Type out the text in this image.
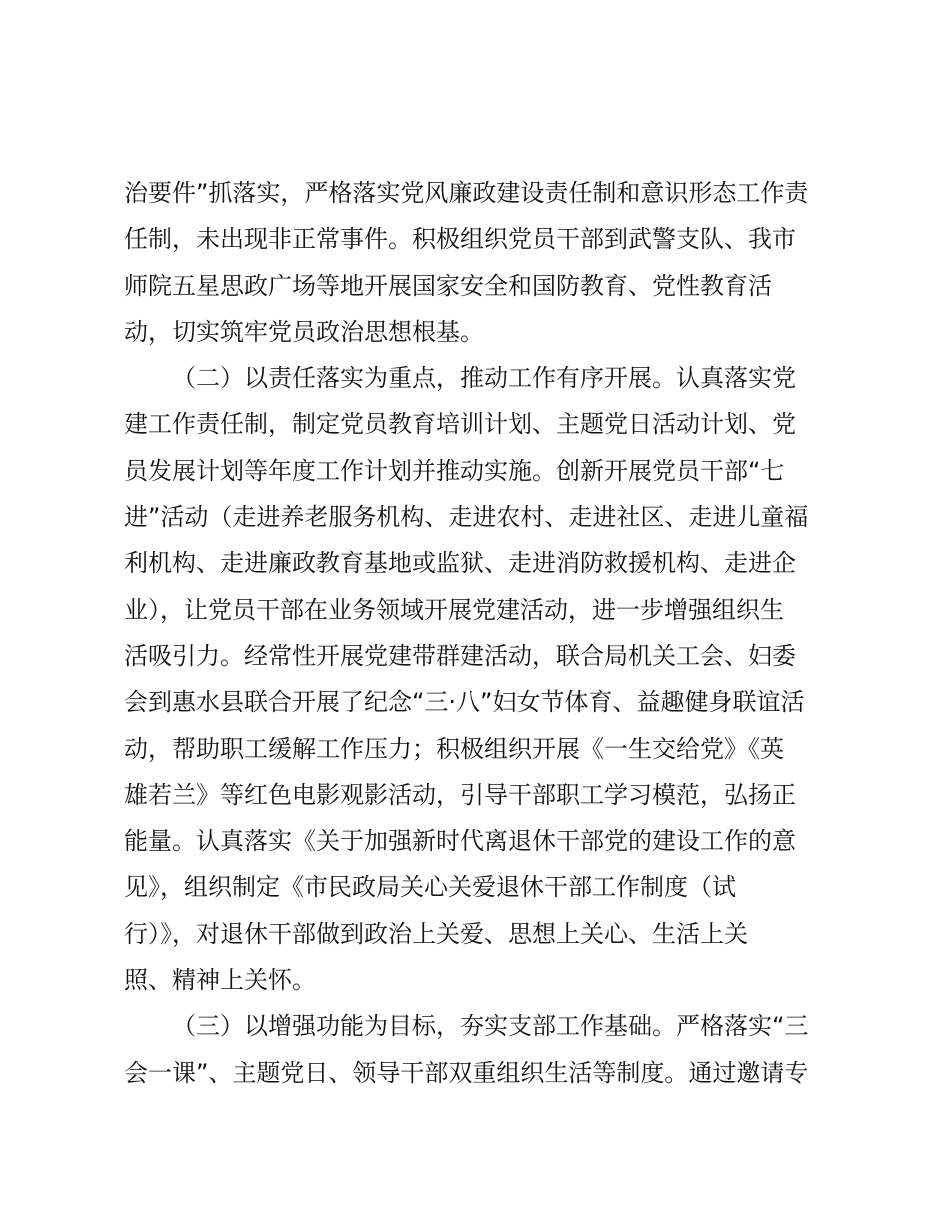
治要件”抓落实，严格落实党风廉政建设责任制和意识形态工作责
任制，未出现非正常事件。积极组织党员干部到武警支队、我市
师院五星思政广场等地开展国家安全和国防教育、党性教育活
动，切实筑牢党员政治思想根基。
（二）以责任落实为重点，推动工作有序开展。认真落实党
建工作责任制，制定党员教育培训计划、主题党日活动计划、党
员发展计划等年度工作计划并推动实施。创新开展党员干部“七
进”活动（走进养老服务机构、走进农村、走进社区、走进儿童福
利机构、走进廉政教育基地或监狱、走进消防救援机构、走进企
业），让党员干部在业务领域开展党建活动，进一步增强组织生
活吸引力。经常性开展党建带群建活动，联合局机关工会、妇委
会到惠水县联合开展了纪念“三·八”妇女节体育、益趣健身联谊活
动，帮助职工缓解工作压力；积极组织开展《一生交给党》《英
雄若兰》等红色电影观影活动，引导干部职工学习模范，弘扬正
能量。认真落实《关于加强新时代离退休干部党的建设工作的意
见》，组织制定《市民政局关心关爱退休干部工作制度（试
行）》，对退休干部做到政治上关爱、思想上关心、生活上关
照、精神上关怀。
（三）以增强功能为目标，夯实支部工作基础。严格落实“三
会一课”、主题党日、领导干部双重组织生活等制度。通过邀请专
